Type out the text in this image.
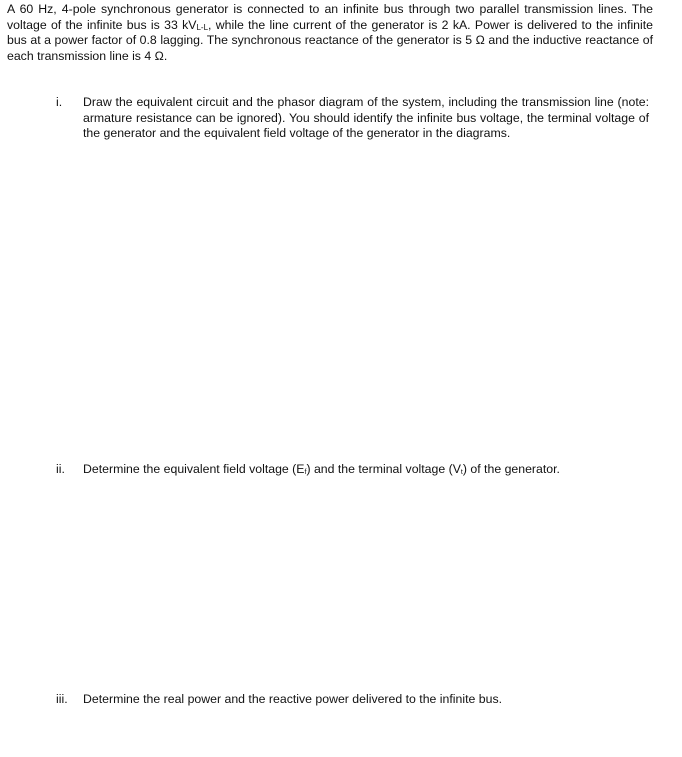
A 60 Hz, 4-pole synchronous generator is connected to an infinite bus through two parallel transmission lines. The voltage of the infinite bus is 33 $kV_{L-L}$, while the line current of the generator is 2 kA. Power is delivered to the infinite bus at a power factor of 0.8 lagging. The synchronous reactance of the generator is 5 Ω and the inductive reactance of each transmission line is 4 Ω.

i.	Draw the equivalent circuit and the phasor diagram of the system, including the transmission line (note: armature resistance can be ignored). You should identify the infinite bus voltage, the terminal voltage of the generator and the equivalent field voltage of the generator in the diagrams.

ii.	Determine the equivalent field voltage $(E_f)$ and the terminal voltage $(V_t)$ of the generator.

iii.	Determine the real power and the reactive power delivered to the infinite bus.
